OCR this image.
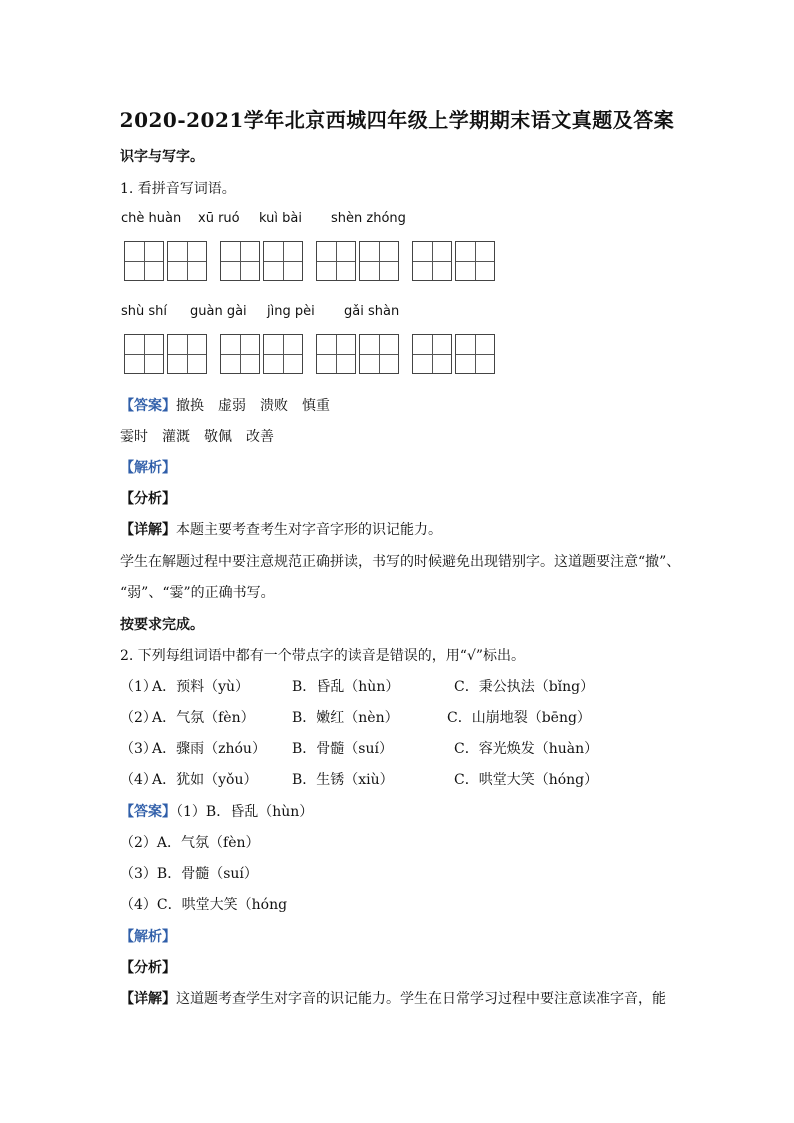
2020-2021学年北京西城四年级上学期期末语文真题及答案
识字与写字。
1. 看拼音写词语。
chè huàn xū ruó kuì bài shèn zhóng
shù shí guàn gài jìng pèi gǎi shàn
【答案】撤换　虚弱　溃败　慎重
霎时　灌溉　敬佩　改善
【解析】
【分析】
【详解】本题主要考查考生对字音字形的识记能力。
学生在解题过程中要注意规范正确拼读，书写的时候避免出现错别字。这道题要注意“撤”、
“弱”、“霎”的正确书写。
按要求完成。
2. 下列每组词语中都有一个带点字的读音是错误的，用“√”标出。
（1）
A．预料（yù）	B．昏乱（hùn）	C．秉公执法（bǐng）
（2）
A．气氛（fèn）	B．嫩红（nèn）	C．山崩地裂（bēng）
（3）
A．骤雨（zhóu） B．骨髓（suí）	C．容光焕发（huàn）
（4）
A．犹如（yǒu） B．生锈（xiù）	C．哄堂大笑（hóng）
【答案】（1）B．昏乱（hùn）
（2）A．气氛（fèn）
（3）B．骨髓（suí）
（4）C．哄堂大笑（hóng
【解析】
【分析】
【详解】这道题考查学生对字音的识记能力。学生在日常学习过程中要注意读准字音，能
